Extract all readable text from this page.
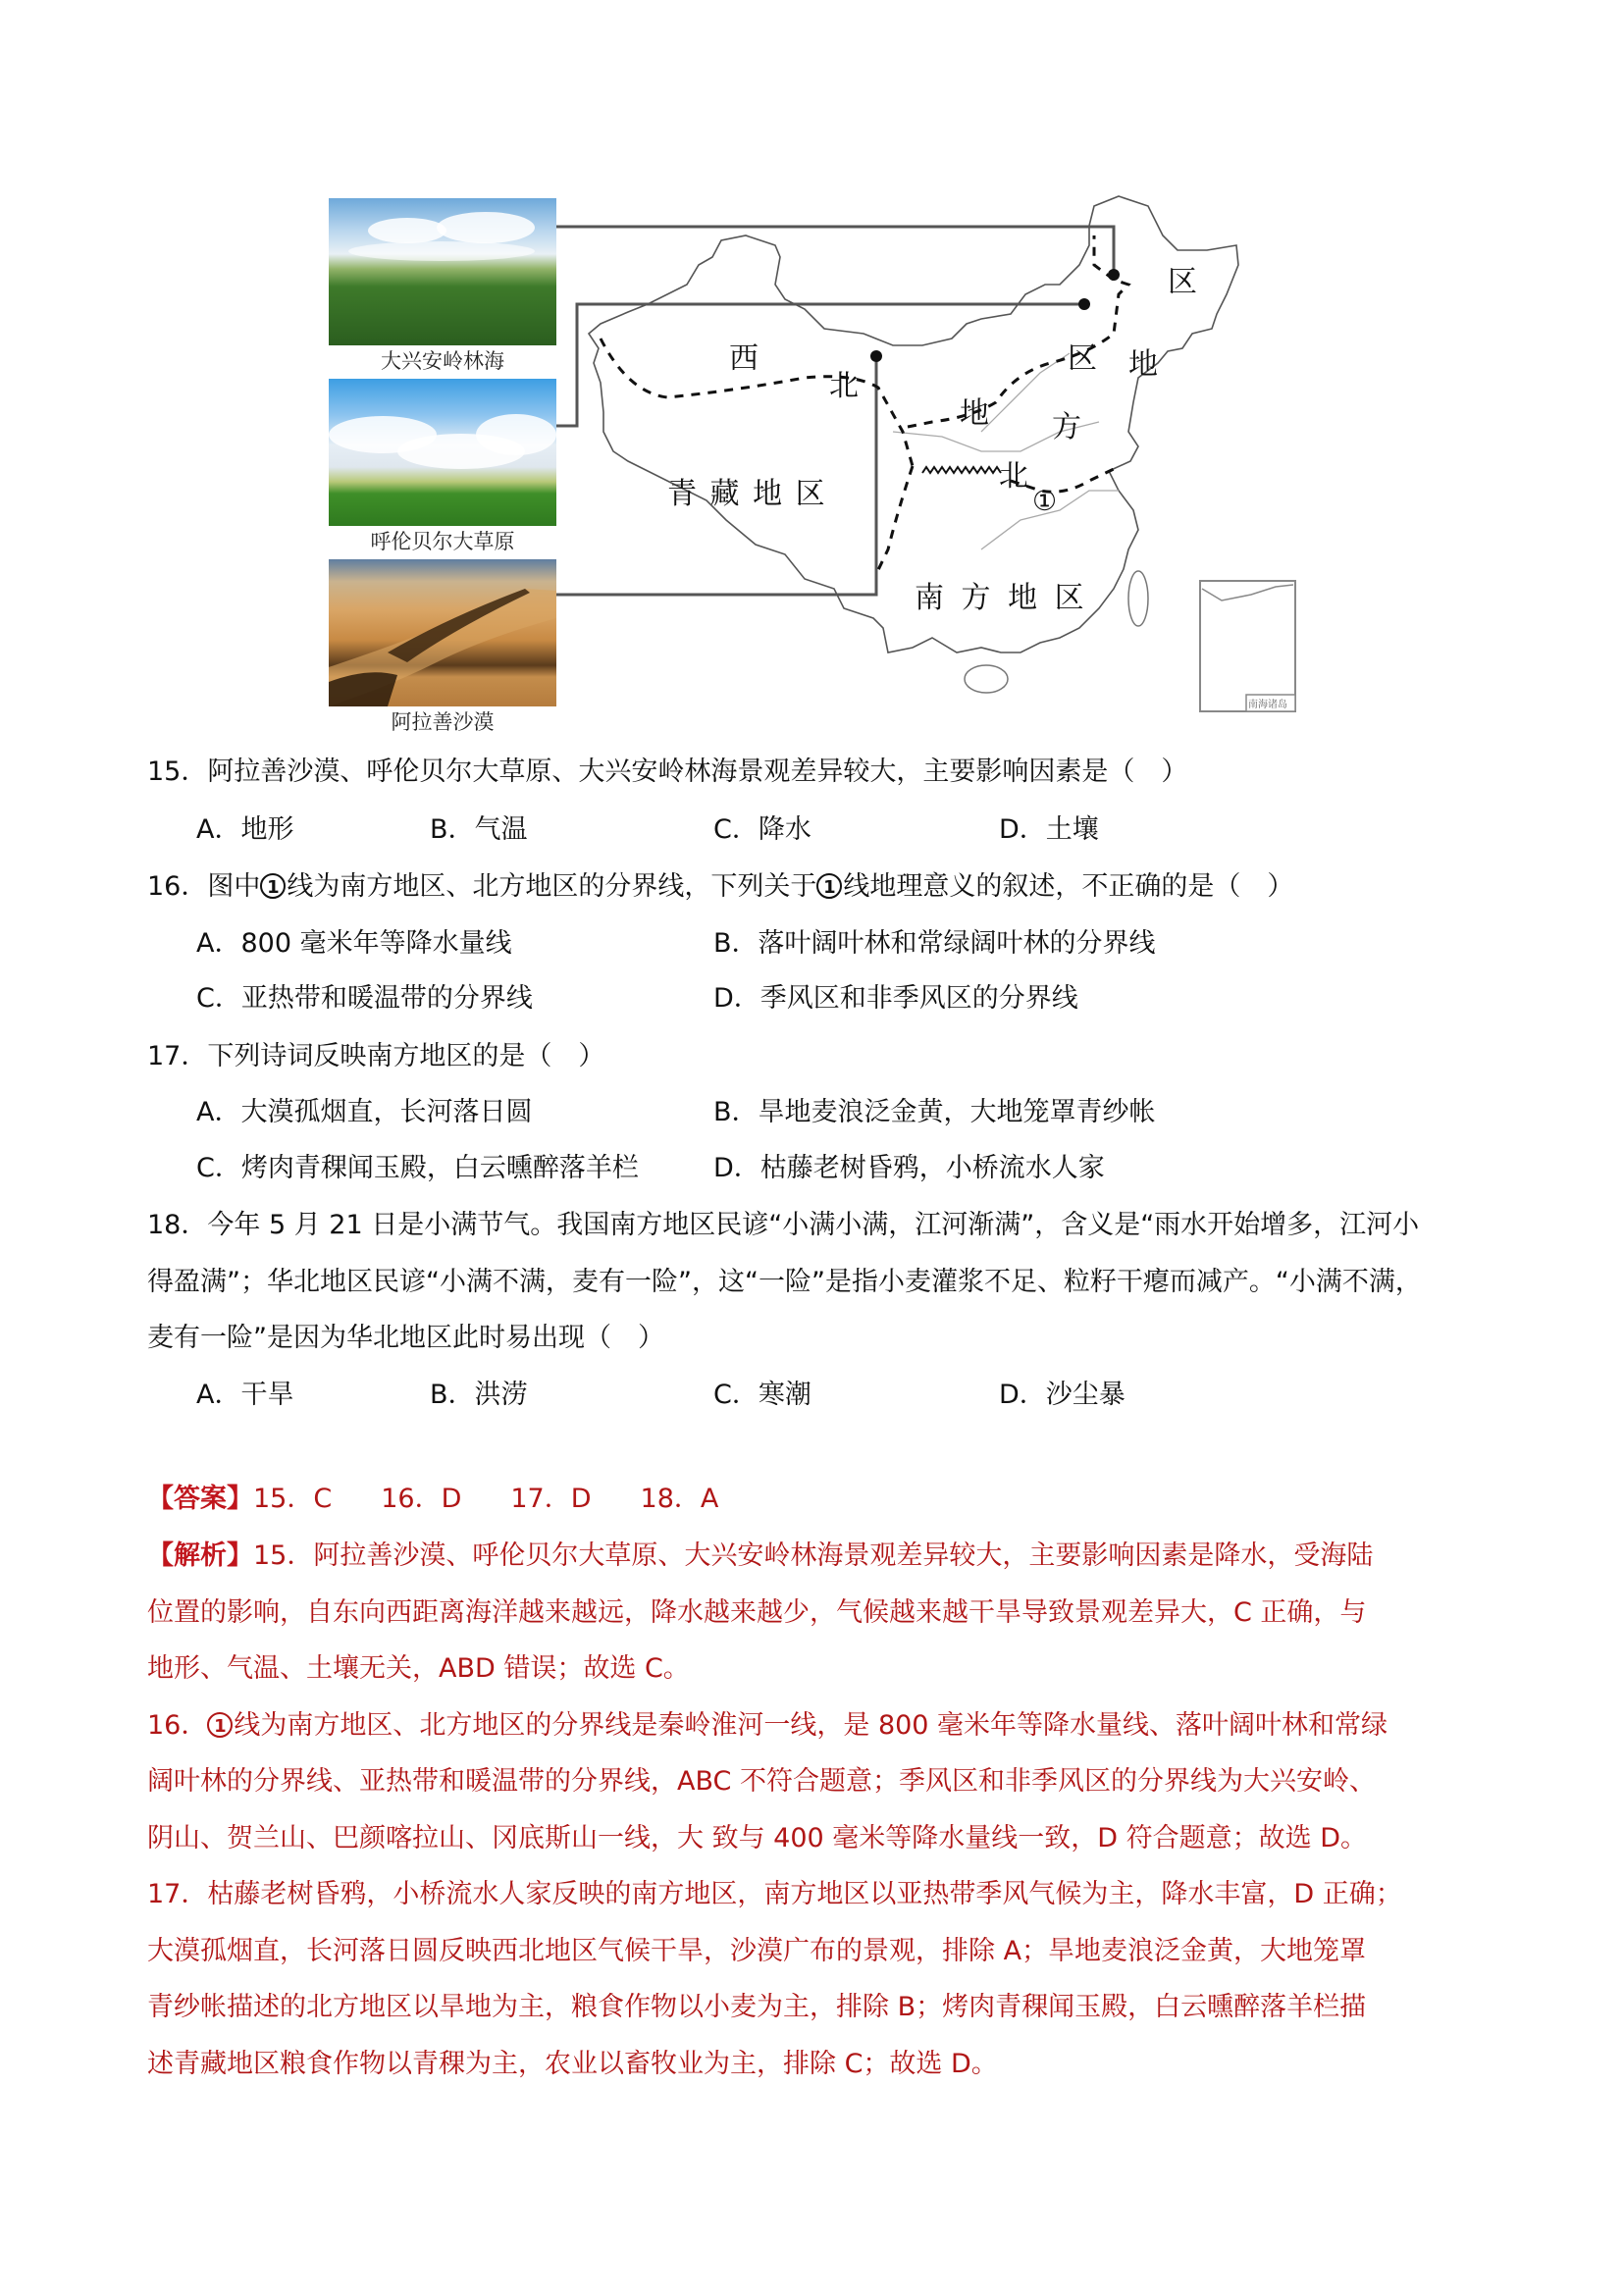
大兴安岭林海
呼伦贝尔大草原
阿拉善沙漠
西
北
青 藏 地 区
区
区 地
地 方
北
①
南 方 地 区
南海诸岛
15．阿拉善沙漠、呼伦贝尔大草原、大兴安岭林海景观差异较大，主要影响因素是（　）
A．地形	B．气温	C．降水	D．土壤
16．图中 1 线为南方地区、北方地区的分界线，下列关于 1 线地理意义的叙述，不正确的是（　）
A．800 毫米年等降水量线	B．落叶阔叶林和常绿阔叶林的分界线
C．亚热带和暖温带的分界线	D．季风区和非季风区的分界线
17．下列诗词反映南方地区的是（　）
A．大漠孤烟直，长河落日圆	B．旱地麦浪泛金黄，大地笼罩青纱帐
C．烤肉青稞闻玉殿，白云曛醉落羊栏	D．枯藤老树昏鸦，小桥流水人家
18．今年 5 月 21 日是小满节气。我国南方地区民谚“小满小满，江河渐满”，含义是“雨水开始增多，江河小
得盈满”；华北地区民谚“小满不满，麦有一险”，这“一险”是指小麦灌浆不足、粒籽干瘪而减产。“小满不满，
麦有一险”是因为华北地区此时易出现（　）
A．干旱	B．洪涝	C．寒潮	D．沙尘暴
【答案】15．C 16．D 17．D 18．A
【解析】15．阿拉善沙漠、呼伦贝尔大草原、大兴安岭林海景观差异较大，主要影响因素是降水，受海陆
位置的影响，自东向西距离海洋越来越远，降水越来越少，气候越来越干旱导致景观差异大，C 正确，与
地形、气温、土壤无关，ABD 错误；故选 C。
16． 1 线为南方地区、北方地区的分界线是秦岭淮河一线，是 800 毫米年等降水量线、落叶阔叶林和常绿
阔叶林的分界线、亚热带和暖温带的分界线，ABC 不符合题意；季风区和非季风区的分界线为大兴安岭、
阴山、贺兰山、巴颜喀拉山、冈底斯山一线，大 致与 400 毫米等降水量线一致，D 符合题意；故选 D。
17．枯藤老树昏鸦，小桥流水人家反映的南方地区，南方地区以亚热带季风气候为主，降水丰富，D 正确；
大漠孤烟直，长河落日圆反映西北地区气候干旱，沙漠广布的景观，排除 A；旱地麦浪泛金黄，大地笼罩
青纱帐描述的北方地区以旱地为主，粮食作物以小麦为主，排除 B；烤肉青稞闻玉殿，白云曛醉落羊栏描
述青藏地区粮食作物以青稞为主，农业以畜牧业为主，排除 C；故选 D。
